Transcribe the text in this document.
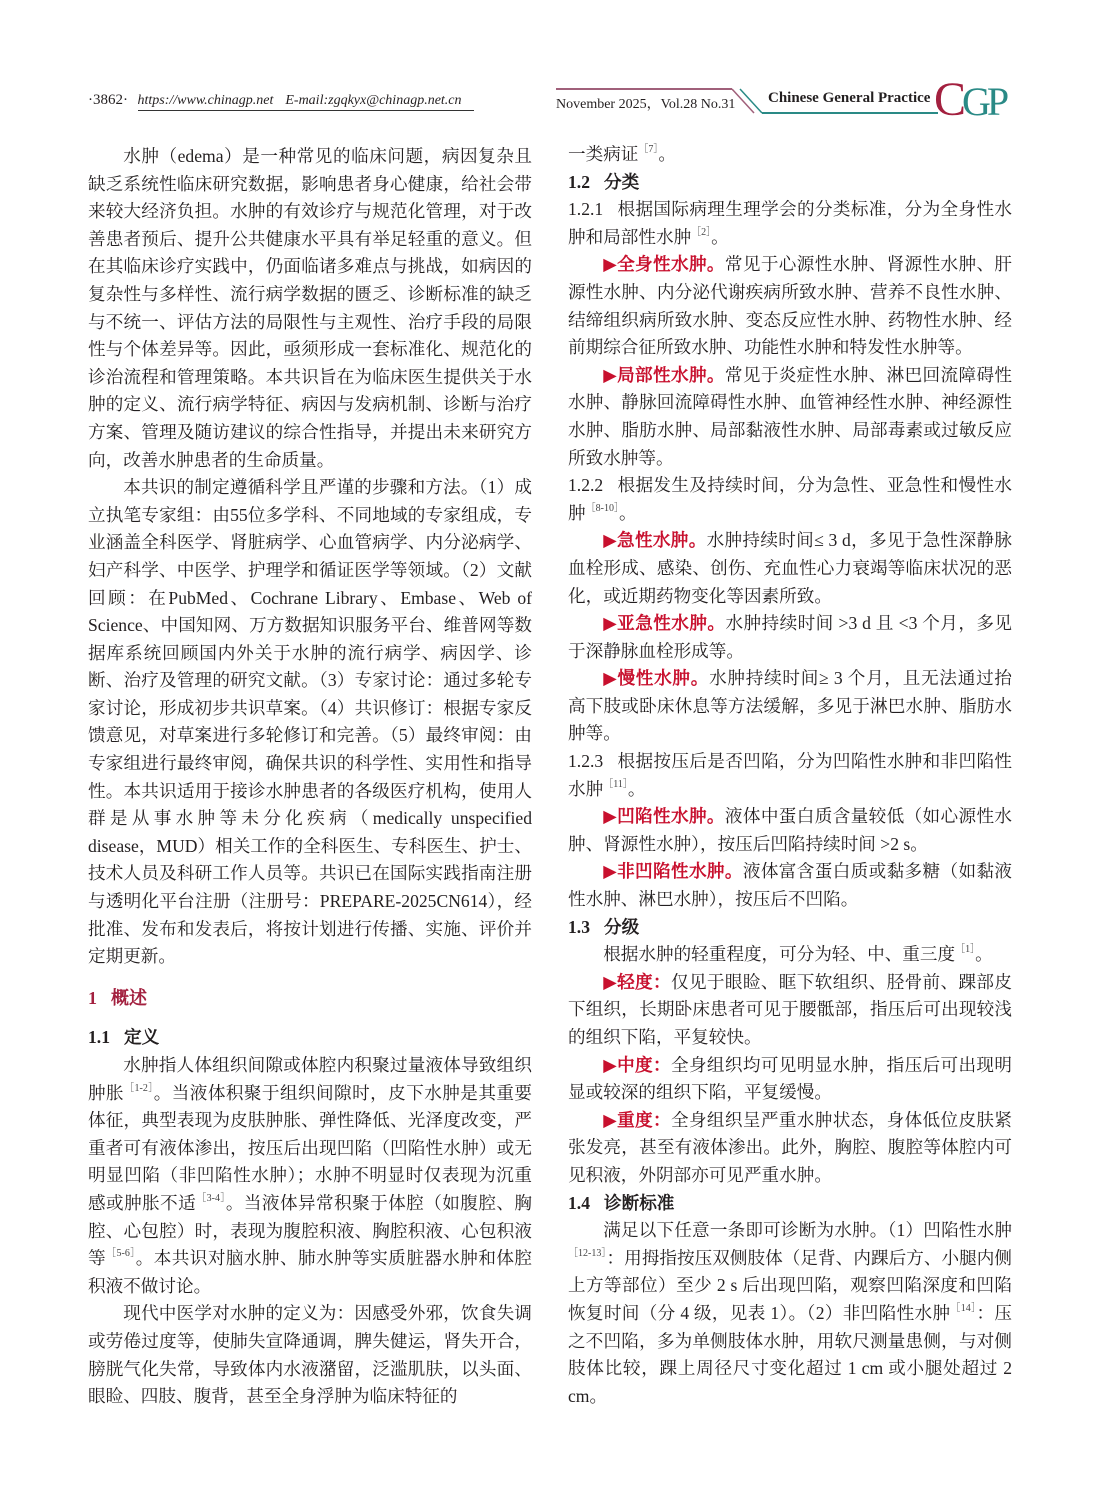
·3862· https://www.chinagp.net E-mail:zgqkyx@chinagp.net.cn	November 2025，Vol.28 No.31 Chinese General Practice CGP
水肿（edema）是一种常见的临床问题，病因复杂且缺乏系统性临床研究数据，影响患者身心健康，给社会带来较大经济负担。水肿的有效诊疗与规范化管理，对于改善患者预后、提升公共健康水平具有举足轻重的意义。但在其临床诊疗实践中，仍面临诸多难点与挑战，如病因的复杂性与多样性、流行病学数据的匮乏、诊断标准的缺乏与不统一、评估方法的局限性与主观性、治疗手段的局限性与个体差异等。因此，亟须形成一套标准化、规范化的诊治流程和管理策略。本共识旨在为临床医生提供关于水肿的定义、流行病学特征、病因与发病机制、诊断与治疗方案、管理及随访建议的综合性指导，并提出未来研究方向，改善水肿患者的生命质量。
本共识的制定遵循科学且严谨的步骤和方法。（1）成立执笔专家组：由55位多学科、不同地域的专家组成，专业涵盖全科医学、肾脏病学、心血管病学、内分泌病学、妇产科学、中医学、护理学和循证医学等领域。（2）文献回顾：在PubMed、Cochrane Library、Embase、Web of Science、中国知网、万方数据知识服务平台、维普网等数据库系统回顾国内外关于水肿的流行病学、病因学、诊断、治疗及管理的研究文献。（3）专家讨论：通过多轮专家讨论，形成初步共识草案。（4）共识修订：根据专家反馈意见，对草案进行多轮修订和完善。（5）最终审阅：由专家组进行最终审阅，确保共识的科学性、实用性和指导性。本共识适用于接诊水肿患者的各级医疗机构，使用人群是从事水肿等未分化疾病（medically unspecified disease，MUD）相关工作的全科医生、专科医生、护士、技术人员及科研工作人员等。共识已在国际实践指南注册与透明化平台注册（注册号：PREPARE-2025CN614），经批准、发布和发表后，将按计划进行传播、实施、评价并定期更新。
1 概述
1.1 定义
水肿指人体组织间隙或体腔内积聚过量液体导致组织肿胀$^{[1-2]}$。当液体积聚于组织间隙时，皮下水肿是其重要体征，典型表现为皮肤肿胀、弹性降低、光泽度改变，严重者可有液体渗出，按压后出现凹陷（凹陷性水肿）或无明显凹陷（非凹陷性水肿）；水肿不明显时仅表现为沉重感或肿胀不适$^{[3-4]}$。当液体异常积聚于体腔（如腹腔、胸腔、心包腔）时，表现为腹腔积液、胸腔积液、心包积液等$^{[5-6]}$。本共识对脑水肿、肺水肿等实质脏器水肿和体腔积液不做讨论。
现代中医学对水肿的定义为：因感受外邪，饮食失调或劳倦过度等，使肺失宣降通调，脾失健运，肾失开合，膀胱气化失常，导致体内水液潴留，泛滥肌肤，以头面、眼睑、四肢、腹背，甚至全身浮肿为临床特征的
一类病证$^{[7]}$。
1.2 分类
1.2.1 根据国际病理生理学会的分类标准，分为全身性水肿和局部性水肿$^{[2]}$。
▶全身性水肿。常见于心源性水肿、肾源性水肿、肝源性水肿、内分泌代谢疾病所致水肿、营养不良性水肿、结缔组织病所致水肿、变态反应性水肿、药物性水肿、经前期综合征所致水肿、功能性水肿和特发性水肿等。
▶局部性水肿。常见于炎症性水肿、淋巴回流障碍性水肿、静脉回流障碍性水肿、血管神经性水肿、神经源性水肿、脂肪水肿、局部黏液性水肿、局部毒素或过敏反应所致水肿等。
1.2.2 根据发生及持续时间，分为急性、亚急性和慢性水肿$^{[8-10]}$。
▶急性水肿。水肿持续时间≤ 3 d，多见于急性深静脉血栓形成、感染、创伤、充血性心力衰竭等临床状况的恶化，或近期药物变化等因素所致。
▶亚急性水肿。水肿持续时间 >3 d 且 <3 个月，多见于深静脉血栓形成等。
▶慢性水肿。水肿持续时间≥ 3 个月，且无法通过抬高下肢或卧床休息等方法缓解，多见于淋巴水肿、脂肪水肿等。
1.2.3 根据按压后是否凹陷，分为凹陷性水肿和非凹陷性水肿$^{[11]}$。
▶凹陷性水肿。液体中蛋白质含量较低（如心源性水肿、肾源性水肿），按压后凹陷持续时间 >2 s。
▶非凹陷性水肿。液体富含蛋白质或黏多糖（如黏液性水肿、淋巴水肿），按压后不凹陷。
1.3 分级
根据水肿的轻重程度，可分为轻、中、重三度$^{[1]}$。
▶轻度：仅见于眼睑、眶下软组织、胫骨前、踝部皮下组织，长期卧床患者可见于腰骶部，指压后可出现较浅的组织下陷，平复较快。
▶中度：全身组织均可见明显水肿，指压后可出现明显或较深的组织下陷，平复缓慢。
▶重度：全身组织呈严重水肿状态，身体低位皮肤紧张发亮，甚至有液体渗出。此外，胸腔、腹腔等体腔内可见积液，外阴部亦可见严重水肿。
1.4 诊断标准
满足以下任意一条即可诊断为水肿。（1）凹陷性水肿$^{[12-13]}$：用拇指按压双侧肢体（足背、内踝后方、小腿内侧上方等部位）至少 2 s 后出现凹陷，观察凹陷深度和凹陷恢复时间（分 4 级，见表 1）。（2）非凹陷性水肿$^{[14]}$：压之不凹陷，多为单侧肢体水肿，用软尺测量患侧，与对侧肢体比较，踝上周径尺寸变化超过 1 cm 或小腿处超过 2 cm。
